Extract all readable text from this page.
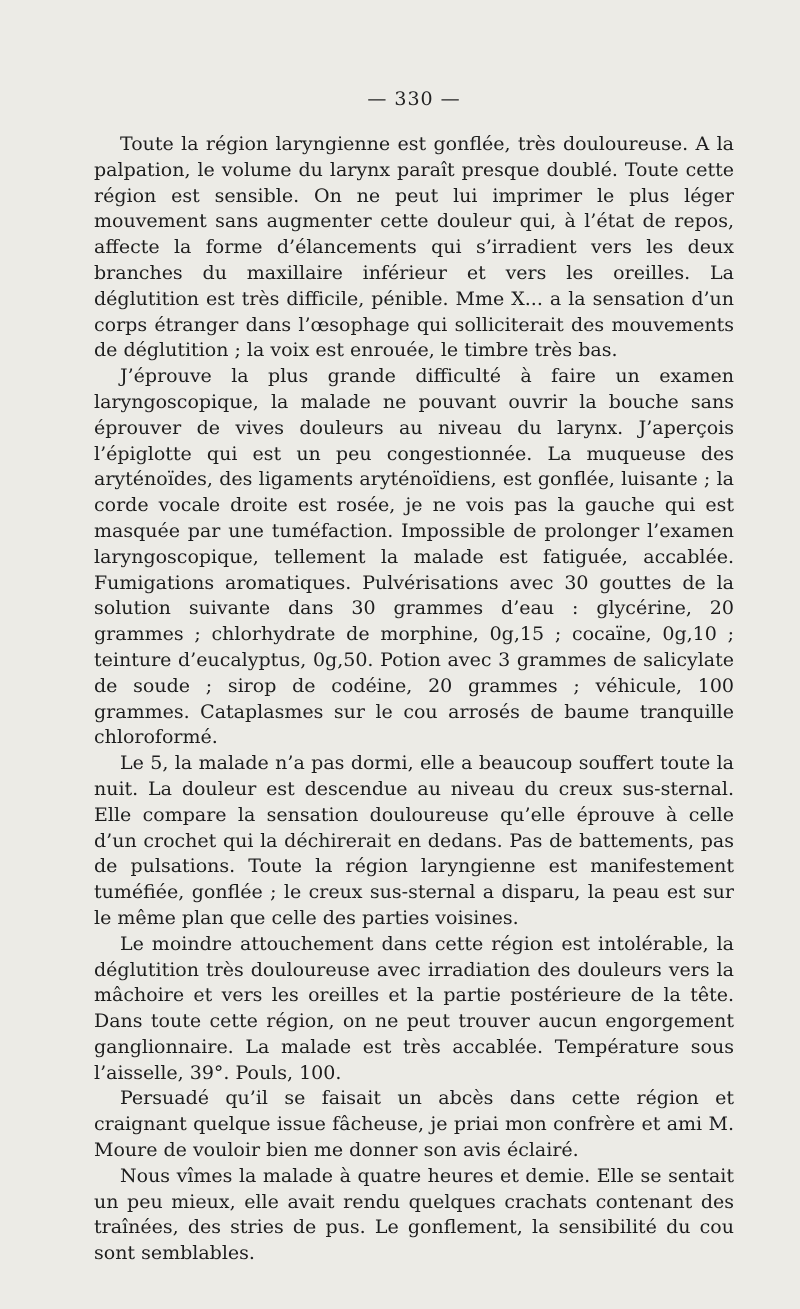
— 330 —

Toute la région laryngienne est gonflée, très douloureuse. A la palpation, le volume du larynx paraît presque doublé. Toute cette région est sensible. On ne peut lui imprimer le plus léger mouvement sans augmenter cette douleur qui, à l’état de repos, affecte la forme d’élancements qui s’irradient vers les deux branches du maxillaire inférieur et vers les oreilles. La déglutition est très difficile, pénible. Mme X... a la sensation d’un corps étranger dans l’œsophage qui solliciterait des mouvements de déglutition ; la voix est enrouée, le timbre très bas.

J’éprouve la plus grande difficulté à faire un examen laryngoscopique, la malade ne pouvant ouvrir la bouche sans éprouver de vives douleurs au niveau du larynx. J’aperçois l’épiglotte qui est un peu congestionnée. La muqueuse des aryténoïdes, des ligaments aryténoïdiens, est gonflée, luisante ; la corde vocale droite est rosée, je ne vois pas la gauche qui est masquée par une tuméfaction. Impossible de prolonger l’examen laryngoscopique, tellement la malade est fatiguée, accablée. Fumigations aromatiques. Pulvérisations avec 30 gouttes de la solution suivante dans 30 grammes d’eau : glycérine, 20 grammes ; chlorhydrate de morphine, 0g,15 ; cocaïne, 0g,10 ; teinture d’eucalyptus, 0g,50. Potion avec 3 grammes de salicylate de soude ; sirop de codéine, 20 grammes ; véhicule, 100 grammes. Cataplasmes sur le cou arrosés de baume tranquille chloroformé.

Le 5, la malade n’a pas dormi, elle a beaucoup souffert toute la nuit. La douleur est descendue au niveau du creux sus-sternal. Elle compare la sensation douloureuse qu’elle éprouve à celle d’un crochet qui la déchirerait en dedans. Pas de battements, pas de pulsations. Toute la région laryngienne est manifestement tuméfiée, gonflée ; le creux sus-sternal a disparu, la peau est sur le même plan que celle des parties voisines.

Le moindre attouchement dans cette région est intolérable, la déglutition très douloureuse avec irradiation des douleurs vers la mâchoire et vers les oreilles et la partie postérieure de la tête. Dans toute cette région, on ne peut trouver aucun engorgement ganglionnaire. La malade est très accablée. Température sous l’aisselle, 39°. Pouls, 100.

Persuadé qu’il se faisait un abcès dans cette région et craignant quelque issue fâcheuse, je priai mon confrère et ami M. Moure de vouloir bien me donner son avis éclairé.

Nous vîmes la malade à quatre heures et demie. Elle se sentait un peu mieux, elle avait rendu quelques crachats contenant des traînées, des stries de pus. Le gonflement, la sensibilité du cou sont semblables.
